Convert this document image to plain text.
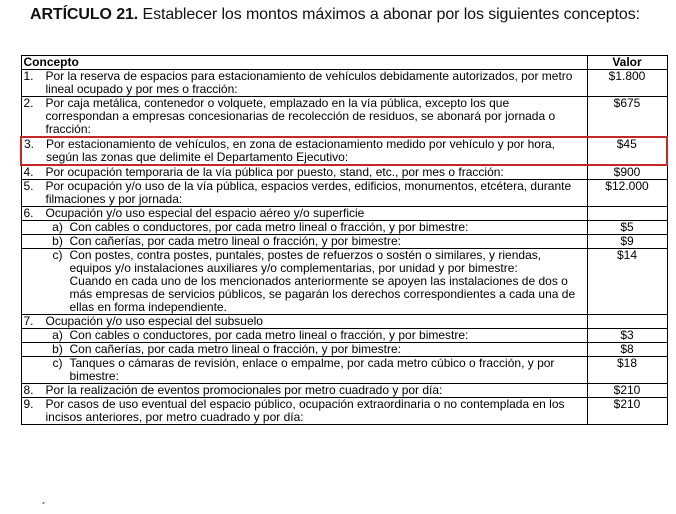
ARTÍCULO 21. Establecer los montos máximos a abonar por los siguientes conceptos:
Concepto	Valor

1. Por la reserva de espacios para estacionamiento de vehículos debidamente autorizados, por metro lineal ocupado y por mes o fracción:	$1.800

2. Por caja metálica, contenedor o volquete, emplazado en la vía pública, excepto los que correspondan a empresas concesionarias de recolección de residuos, se abonará por jornada o fracción:	$675

3. Por estacionamiento de vehículos, en zona de estacionamiento medido por vehículo y por hora, según las zonas que delimite el Departamento Ejecutivo:	$45

4. Por ocupación temporaria de la vía pública por puesto, stand, etc., por mes o fracción:	$900

5. Por ocupación y/o uso de la vía pública, espacios verdes, edificios, monumentos, etcétera, durante filmaciones y por jornada:	$12.000

6. Ocupación y/o uso especial del espacio aéreo y/o superficie	

a) Con cables o conductores, por cada metro lineal o fracción, y por bimestre:	$5

b) Con cañerías, por cada metro lineal o fracción, y por bimestre:	$9

c) Con postes, contra postes, puntales, postes de refuerzos o sostén o similares, y riendas, equipos y/o instalaciones auxiliares y/o complementarias, por unidad y por bimestre:
Cuando en cada uno de los mencionados anteriormente se apoyen las instalaciones de dos o más empresas de servicios públicos, se pagarán los derechos correspondientes a cada una de ellas en forma independiente.	$14

7. Ocupación y/o uso especial del subsuelo	

a) Con cables o conductores, por cada metro lineal o fracción, y por bimestre:	$3

b) Con cañerías, por cada metro lineal o fracción, y por bimestre:	$8

c) Tanques o cámaras de revisión, enlace o empalme, por cada metro cúbico o fracción, y por bimestre:	$18

8. Por la realización de eventos promocionales por metro cuadrado y por día:	$210

9. Por casos de uso eventual del espacio público, ocupación extraordinaria o no contemplada en los incisos anteriores, por metro cuadrado y por día:	$210
´
